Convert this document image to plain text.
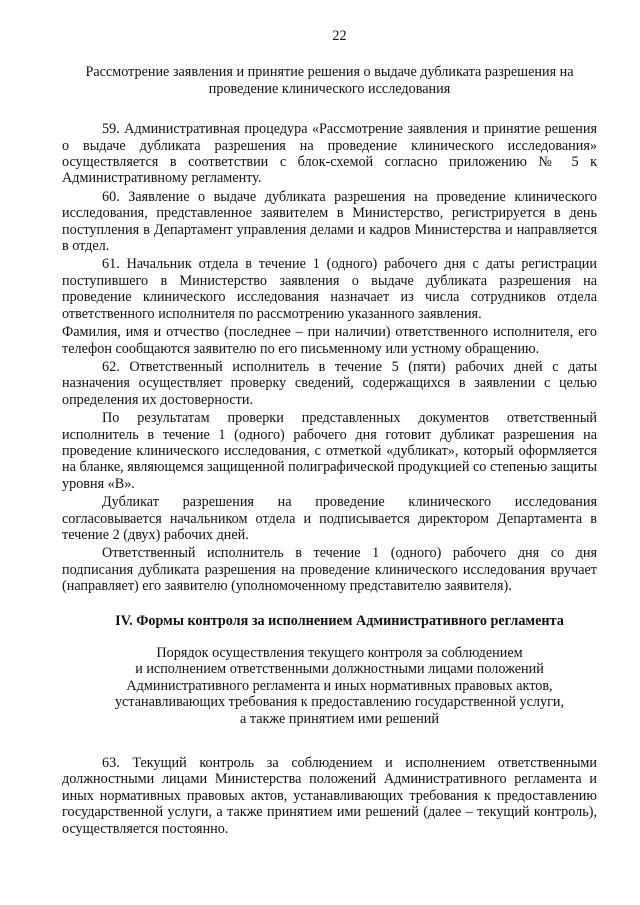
22
Рассмотрение заявления и принятие решения о выдаче дубликата разрешения на проведение клинического исследования

59. Административная процедура «Рассмотрение заявления и принятие решения о выдаче дубликата разрешения на проведение клинического исследования» осуществляется в соответствии с блок-схемой согласно приложению № 5 к Административному регламенту.

60. Заявление о выдаче дубликата разрешения на проведение клинического исследования, представленное заявителем в Министерство, регистрируется в день поступления в Департамент управления делами и кадров Министерства и направляется в отдел.

61. Начальник отдела в течение 1 (одного) рабочего дня с даты регистрации поступившего в Министерство заявления о выдаче дубликата разрешения на проведение клинического исследования назначает из числа сотрудников отдела ответственного исполнителя по рассмотрению указанного заявления.

Фамилия, имя и отчество (последнее – при наличии) ответственного исполнителя, его телефон сообщаются заявителю по его письменному или устному обращению.

62. Ответственный исполнитель в течение 5 (пяти) рабочих дней с даты назначения осуществляет проверку сведений, содержащихся в заявлении с целью определения их достоверности.

По результатам проверки представленных документов ответственный исполнитель в течение 1 (одного) рабочего дня готовит дубликат разрешения на проведение клинического исследования, с отметкой «дубликат», который оформляется на бланке, являющемся защищенной полиграфической продукцией со степенью защиты уровня «В».

Дубликат разрешения на проведение клинического исследования согласовывается начальником отдела и подписывается директором Департамента в течение 2 (двух) рабочих дней.

Ответственный исполнитель в течение 1 (одного) рабочего дня со дня подписания дубликата разрешения на проведение клинического исследования вручает (направляет) его заявителю (уполномоченному представителю заявителя).

IV. Формы контроля за исполнением Административного регламента
Порядок осуществления текущего контроля за соблюдением
и исполнением ответственными должностными лицами положений
Административного регламента и иных нормативных правовых актов,
устанавливающих требования к предоставлению государственной услуги,
а также принятием ими решений

63. Текущий контроль за соблюдением и исполнением ответственными должностными лицами Министерства положений Административного регламента и иных нормативных правовых актов, устанавливающих требования к предоставлению государственной услуги, а также принятием ими решений (далее – текущий контроль), осуществляется постоянно.
